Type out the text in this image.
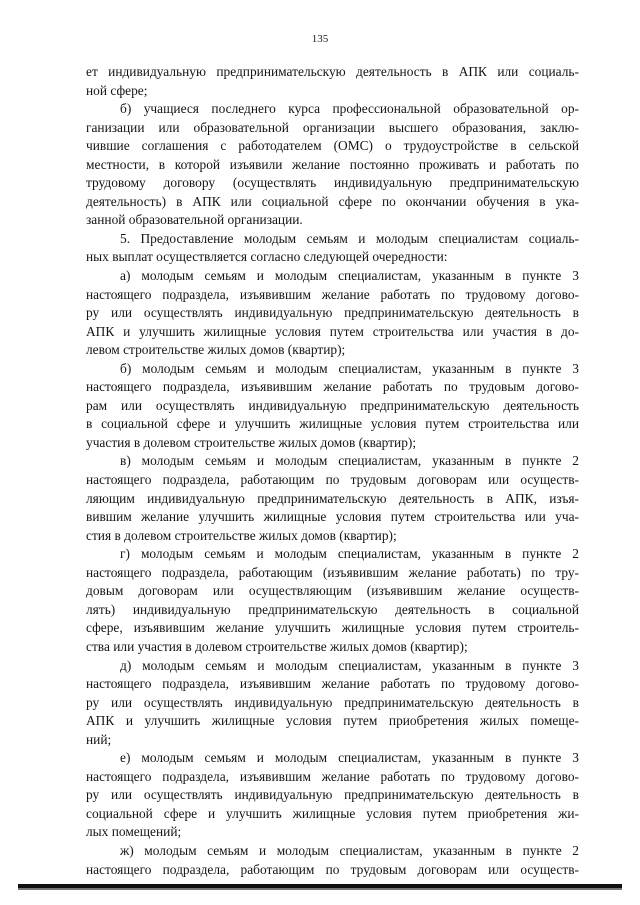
135
ет индивидуальную предпринимательскую деятельность в АПК или социаль-
ной сфере;
б) учащиеся последнего курса профессиональной образовательной ор-
ганизации или образовательной организации высшего образования, заклю-
чившие соглашения с работодателем (ОМС) о трудоустройстве в сельской
местности, в которой изъявили желание постоянно проживать и работать по
трудовому договору (осуществлять индивидуальную предпринимательскую
деятельность) в АПК или социальной сфере по окончании обучения в ука-
занной образовательной организации.
5. Предоставление молодым семьям и молодым специалистам социаль-
ных выплат осуществляется согласно следующей очередности:
а) молодым семьям и молодым специалистам, указанным в пункте 3
настоящего подраздела, изъявившим желание работать по трудовому догово-
ру или осуществлять индивидуальную предпринимательскую деятельность в
АПК и улучшить жилищные условия путем строительства или участия в до-
левом строительстве жилых домов (квартир);
б) молодым семьям и молодым специалистам, указанным в пункте 3
настоящего подраздела, изъявившим желание работать по трудовым догово-
рам или осуществлять индивидуальную предпринимательскую деятельность
в социальной сфере и улучшить жилищные условия путем строительства или
участия в долевом строительстве жилых домов (квартир);
в) молодым семьям и молодым специалистам, указанным в пункте 2
настоящего подраздела, работающим по трудовым договорам или осуществ-
ляющим индивидуальную предпринимательскую деятельность в АПК, изъя-
вившим желание улучшить жилищные условия путем строительства или уча-
стия в долевом строительстве жилых домов (квартир);
г) молодым семьям и молодым специалистам, указанным в пункте 2
настоящего подраздела, работающим (изъявившим желание работать) по тру-
довым договорам или осуществляющим (изъявившим желание осуществ-
лять) индивидуальную предпринимательскую деятельность в социальной
сфере, изъявившим желание улучшить жилищные условия путем строитель-
ства или участия в долевом строительстве жилых домов (квартир);
д) молодым семьям и молодым специалистам, указанным в пункте 3
настоящего подраздела, изъявившим желание работать по трудовому догово-
ру или осуществлять индивидуальную предпринимательскую деятельность в
АПК и улучшить жилищные условия путем приобретения жилых помеще-
ний;
е) молодым семьям и молодым специалистам, указанным в пункте 3
настоящего подраздела, изъявившим желание работать по трудовому догово-
ру или осуществлять индивидуальную предпринимательскую деятельность в
социальной сфере и улучшить жилищные условия путем приобретения жи-
лых помещений;
ж) молодым семьям и молодым специалистам, указанным в пункте 2
настоящего подраздела, работающим по трудовым договорам или осуществ-
